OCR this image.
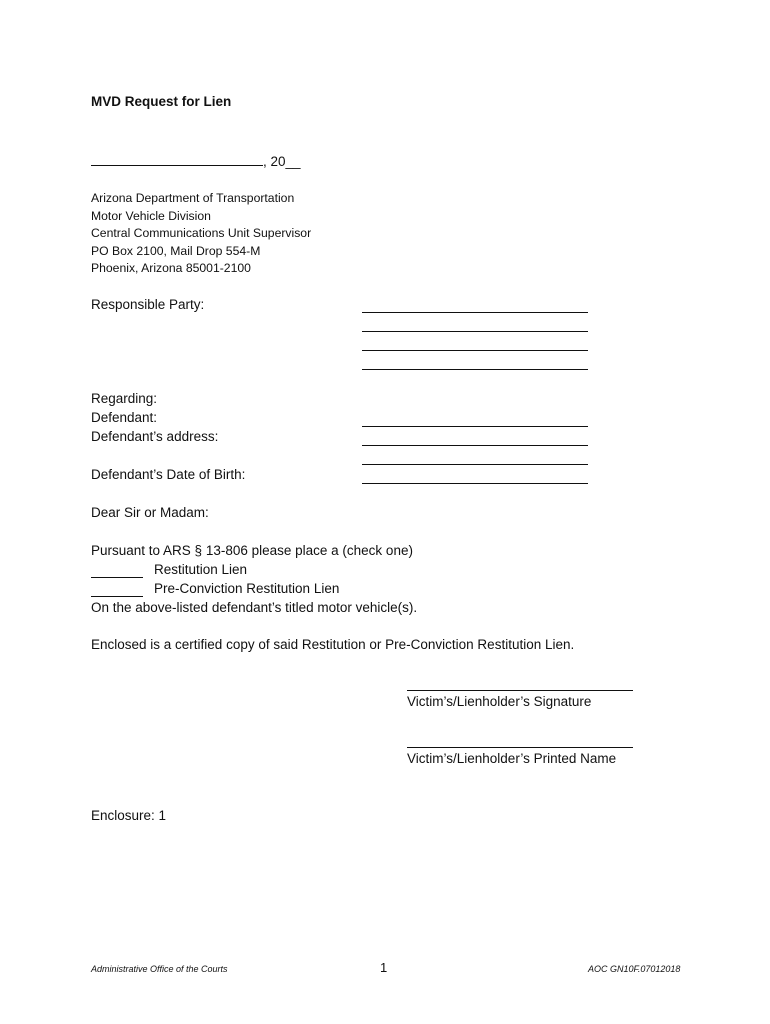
MVD Request for Lien
, 20__
Arizona Department of Transportation
Motor Vehicle Division
Central Communications Unit Supervisor
PO Box 2100, Mail Drop 554-M
Phoenix, Arizona 85001-2100
Responsible Party:
Regarding:
Defendant:
Defendant’s address:
Defendant’s Date of Birth:
Dear Sir or Madam:
Pursuant to ARS § 13-806 please place a (check one)
Restitution Lien
Pre-Conviction Restitution Lien
On the above-listed defendant’s titled motor vehicle(s).
Enclosed is a certified copy of said Restitution or Pre-Conviction Restitution Lien.
Victim’s/Lienholder’s Signature
Victim’s/Lienholder’s Printed Name
Enclosure: 1
Administrative Office of the Courts	1	AOC GN10F.07012018
